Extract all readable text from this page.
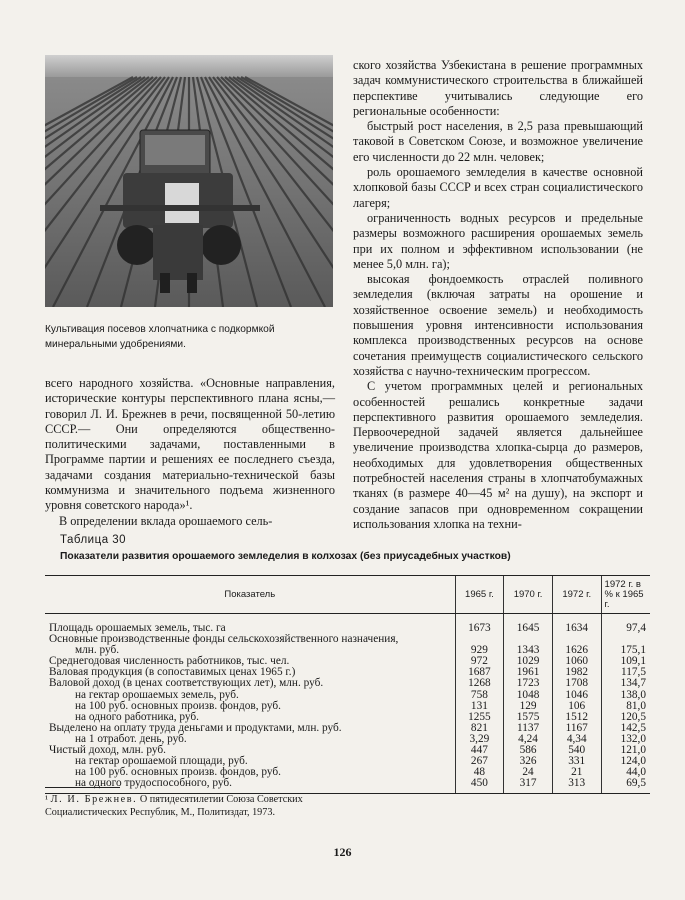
Культивация посевов хлопчатника с подкормкой минеральными удобрениями.

всего народного хозяйства. «Основные направления, исторические контуры перспективного плана ясны,— говорил Л. И. Брежнев в речи, посвященной 50-летию СССР.— Они определяются общественно-политическими задачами, поставленными в Программе партии и решениях ее последнего съезда, задачами создания материально-технической базы коммунизма и значительного подъема жизненного уровня советского народа»¹.

В определении вклада орошаемого сель-

ского хозяйства Узбекистана в решение программных задач коммунистического строительства в ближайшей перспективе учитывались следующие его региональные особенности:

быстрый рост населения, в 2,5 раза превышающий таковой в Советском Союзе, и возможное увеличение его численности до 22 млн. человек;

роль орошаемого земледелия в качестве основной хлопковой базы СССР и всех стран социалистического лагеря;

ограниченность водных ресурсов и предельные размеры возможного расширения орошаемых земель при их полном и эффективном использовании (не менее 5,0 млн. га);

высокая фондоемкость отраслей поливного земледелия (включая затраты на орошение и хозяйственное освоение земель) и необходимость повышения уровня интенсивности использования комплекса производственных ресурсов на основе сочетания преимуществ социалистического сельского хозяйства с научно-техническим прогрессом.

С учетом программных целей и региональных особенностей решались конкретные задачи перспективного развития орошаемого земледелия. Первоочередной задачей является дальнейшее увеличение производства хлопка-сырца до размеров, необходимых для удовлетворения общественных потребностей населения страны в хлопчатобумажных тканях (в размере 40—45 м² на душу), на экспорт и создание запасов при одновременном сокращении использования хлопка на техни-

Таблица 30
Показатели развития орошаемого земледелия в колхозах (без приусадебных участков)
Показатель	1965 г.	1970 г.	1972 г.	1972 г. в % к 1965 г.
Площадь орошаемых земель, тыс. га	1673	1645	1634	97,4
Основные производственные фонды сельскохозяйственного назначения,				
млн. руб.	929	1343	1626	175,1
Среднегодовая численность работников, тыс. чел.	972	1029	1060	109,1
Валовая продукция (в сопоставимых ценах 1965 г.)	1687	1961	1982	117,5
Валовой доход (в ценах соответствующих лет), млн. руб.	1268	1723	1708	134,7
на гектар орошаемых земель, руб.	758	1048	1046	138,0
на 100 руб. основных произв. фондов, руб.	131	129	106	81,0
на одного работника, руб.	1255	1575	1512	120,5
Выделено на оплату труда деньгами и продуктами, млн. руб.	821	1137	1167	142,5
на 1 отработ. день, руб.	3,29	4,24	4,34	132,0
Чистый доход, млн. руб.	447	586	540	121,0
на гектар орошаемой площади, руб.	267	326	331	124,0
на 100 руб. основных произв. фондов, руб.	48	24	21	44,0
на одного трудоспособного, руб.	450	317	313	69,5
¹ Л. И. Брежнев. О пятидесятилетии Союза Советских Социалистических Республик, М., Политиздат, 1973.
126
